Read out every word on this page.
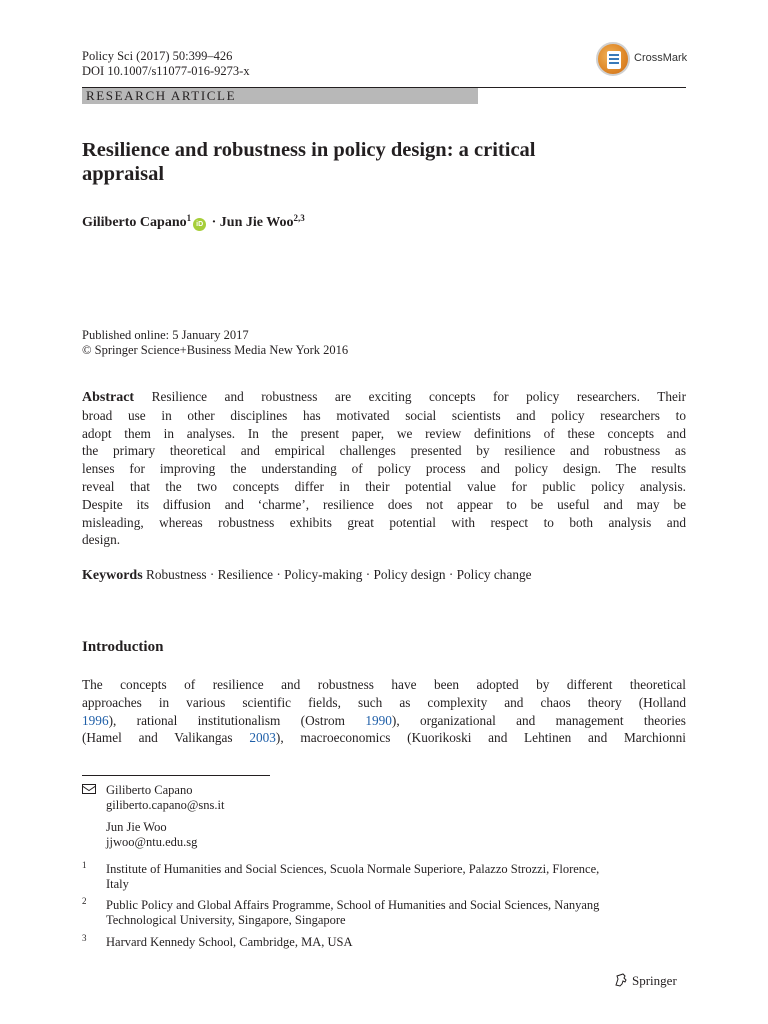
Policy Sci (2017) 50:399–426
DOI 10.1007/s11077-016-9273-x
CrossMark
RESEARCH ARTICLE
Resilience and robustness in policy design: a critical
appraisal
Giliberto Capano$^1$iD · Jun Jie Woo$^{2,3}$
Published online: 5 January 2017
© Springer Science+Business Media New York 2016
Abstract Resilience and robustness are exciting concepts for policy researchers. Their
broad use in other disciplines has motivated social scientists and policy researchers to
adopt them in analyses. In the present paper, we review definitions of these concepts and
the primary theoretical and empirical challenges presented by resilience and robustness as
lenses for improving the understanding of policy process and policy design. The results
reveal that the two concepts differ in their potential value for public policy analysis.
Despite its diffusion and ‘charme’, resilience does not appear to be useful and may be
misleading, whereas robustness exhibits great potential with respect to both analysis and
design.
Keywords Robustness · Resilience · Policy-making · Policy design · Policy change
Introduction
The concepts of resilience and robustness have been adopted by different theoretical
approaches in various scientific fields, such as complexity and chaos theory (Holland
1996), rational institutionalism (Ostrom 1990), organizational and management theories
(Hamel and Valikangas 2003), macroeconomics (Kuorikoski and Lehtinen and Marchionni
Giliberto Capano
giliberto.capano@sns.it
Jun Jie Woo
jjwoo@ntu.edu.sg
1 Institute of Humanities and Social Sciences, Scuola Normale Superiore, Palazzo Strozzi, Florence,
Italy
2 Public Policy and Global Affairs Programme, School of Humanities and Social Sciences, Nanyang
Technological University, Singapore, Singapore
3 Harvard Kennedy School, Cambridge, MA, USA
Springer
